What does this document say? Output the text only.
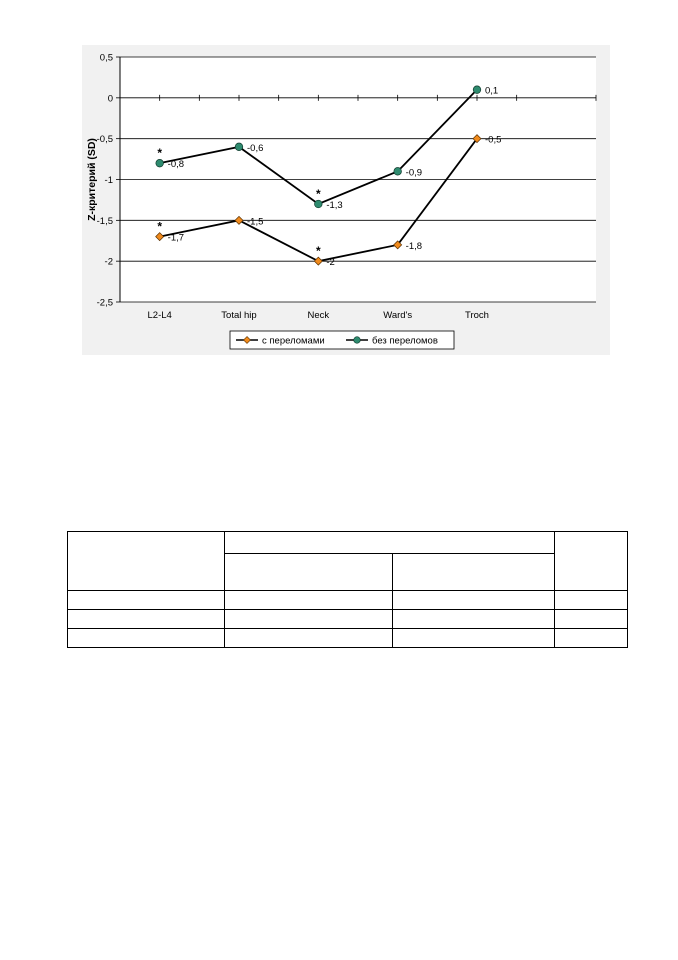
0,5
0
-0,5
-1
-1,5
-2
-2,5
L2-L4	Total hip	Neck	Ward's	Troch
Z-критерий (SD)
-1,7
*	-1,5
-2
*	-1,8
-0,5
-0,8
*	-0,6
-1,3
*
-0,9
0,1
с переломами	без переломов
